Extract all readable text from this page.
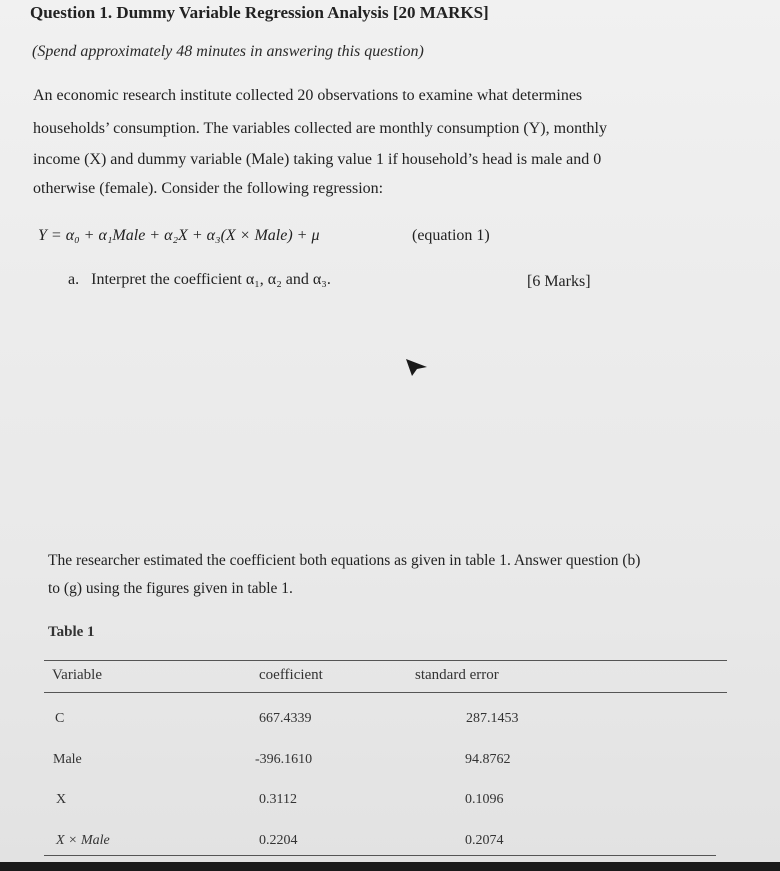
Question 1. Dummy Variable Regression Analysis [20 MARKS]
(Spend approximately 48 minutes in answering this question)
An economic research institute collected 20 observations to examine what determines
households’ consumption. The variables collected are monthly consumption (Y), monthly
income (X) and dummy variable (Male) taking value 1 if household’s head is male and 0
otherwise (female). Consider the following regression:
Y = α₀ + α₁Male + α₂X + α₃(X × Male) + μ	(equation 1)
a. Interpret the coefficient α₁, α₂ and α₃.	[6 Marks]
The researcher estimated the coefficient both equations as given in table 1. Answer question (b)
to (g) using the figures given in table 1.
Table 1
Variable	coefficient	standard error
C	667.4339	287.1453
Male	-396.1610	94.8762
X	0.3112	0.1096
X × Male	0.2204	0.2074
